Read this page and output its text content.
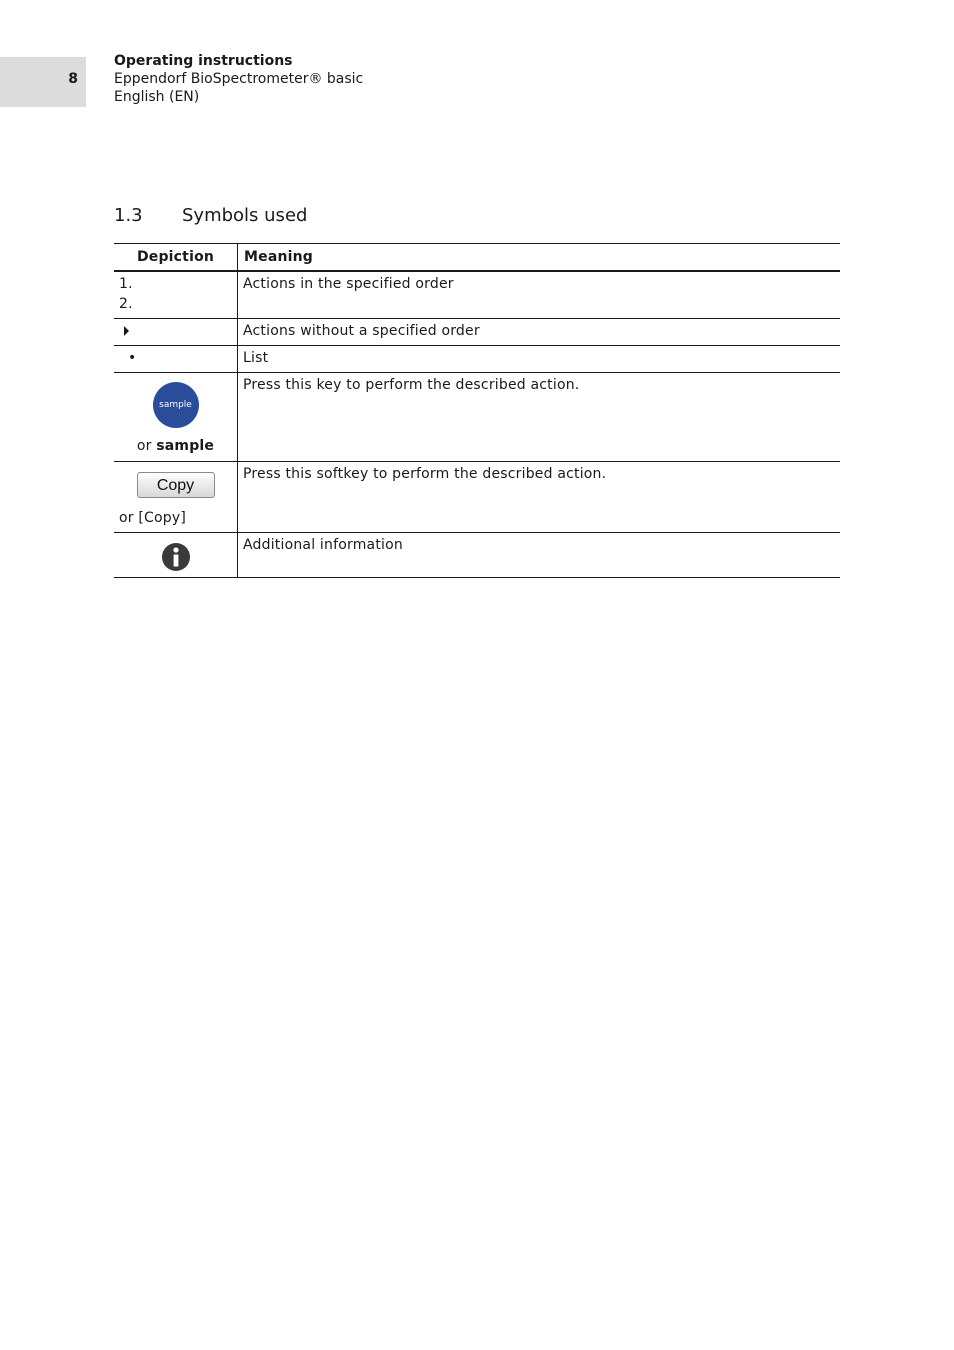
8
Operating instructions
Eppendorf BioSpectrometer® basic
English (EN)
1.3 Symbols used
Depiction	Meaning

1.
2.	Actions in the specified order
	Actions without a specified order

•	List

sample
or sample	Press this key to perform the described action.

Copy
or [Copy]	Press this softkey to perform the described action.

	Additional information
